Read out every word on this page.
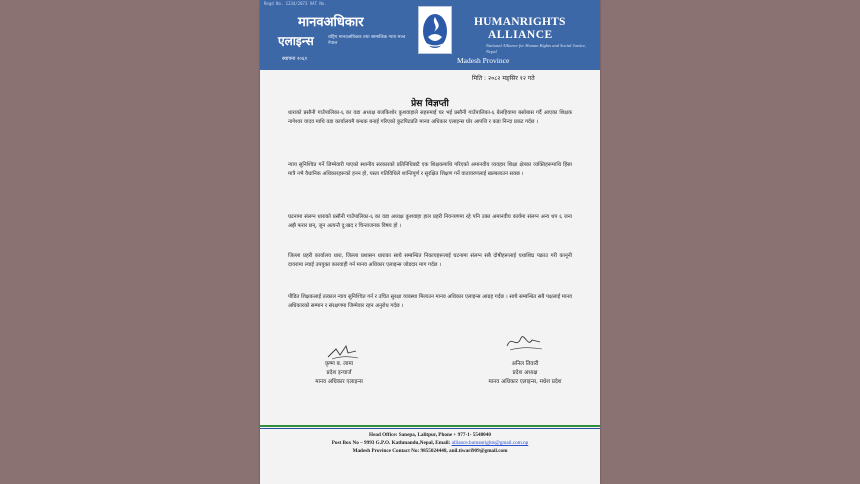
Regd No. 1234/2073 VAT No.
मानवअधिकार
एलाइन्स	राष्ट्रिय मानवअधिकार तथा सामाजिक न्याय मञ्च नेपाल
स्थापना २०६१
HUMANRIGHTS
ALLIANCE
National Alliance for Human Rights and Social Justice, Nepal
Madesh Province
मिति : २०८२ मङ्सिर १२ गते
प्रेस विज्ञप्ती
धाराको प्रसौनी गाउँपालिका-६ का वडा अध्यक्ष बजकिशोर कुशवाहाले सहरुमाई घर भई प्रसौनी गाउँपालिका-६ बेलहियामा बसोबास गर्दै आएका शिक्षक नागेश्वर यादव माथि वडा कार्यालयमै बन्धक बनाई गरिएको कुटपिटप्रति मानव अधिकार एलाइन्स घोर आपत्ति र कडा निन्दा प्रकट गर्दछ ।
न्याय सुनिश्चित गर्ने जिम्मेवारी पाएको स्थानीय सरकारको प्रतिनिधिबाटै एक शिक्षकमाथि गरिएको अमानवीय व्यवहार शिक्षा क्षेत्रका व्यक्तिहरूमाथि हिंसा मात्रै नभै वैधानिक अधिकारहरूको हनन हो, यस्ता गतिविधिले शान्तिपूर्ण र सुरक्षित शिक्षण गर्ने वातावरणलाई खल्बलाउन सक्छ ।
घटनामा संलग्न धाराको प्रसौनी गाउँपालिका-६ का वडा अध्यक्ष कुशवाहा हाल प्रहरी नियन्त्रणमा रहे पनि उक्त अमानवीय कार्यमा संलग्न अन्य थप ६ जना अझै फरार छन्, जुन अत्यन्तै दु:खद र चिन्ताजनक विषय हो ।
जिल्ला प्रहरी कार्यालय धारा, जिल्ला प्रशासन धाराका साथै सम्बन्धित निकायहरूलाई घटनामा संलग्न सबै दोषीहरूलाई यथाशिघ्र पक्राउ गरी कानूनी दायरामा ल्याई उपयुक्त कारवाही गर्न मानव अधिकार एलाइन्स जोडदार माग गर्दछ ।
पीडित शिक्षकलाई तत्काल न्याय सुनिश्चित गर्न र उचित सुरक्षा व्यवस्था मिलाउन मानव अधिकार एलाइन्स आग्रह गर्दछ । साथै सम्बन्धित सबै पक्षलाई मानव अधिकारको सम्मान र संरक्षणमा जिम्मेवार रहन अनुरोध गर्दछ ।
कृष्ण ब. लामा
प्रदेश इन्चार्ज
मानव अधिकार एलाइन्स
अनिल तिवारी
प्रदेश अध्यक्ष
मानव अधिकार एलाइन्स, मधेश प्रदेश
Head Office: Sanepa, Lalitpur, Phone + 977-1- 5548040
Post Box No – 9993 G.P.O. Kathmandu,Nepal, Email: alliance.humanrights@gmail.com.np
Madesh Province Contact No: 9855024448, anil.tiwari909@gmail.com
